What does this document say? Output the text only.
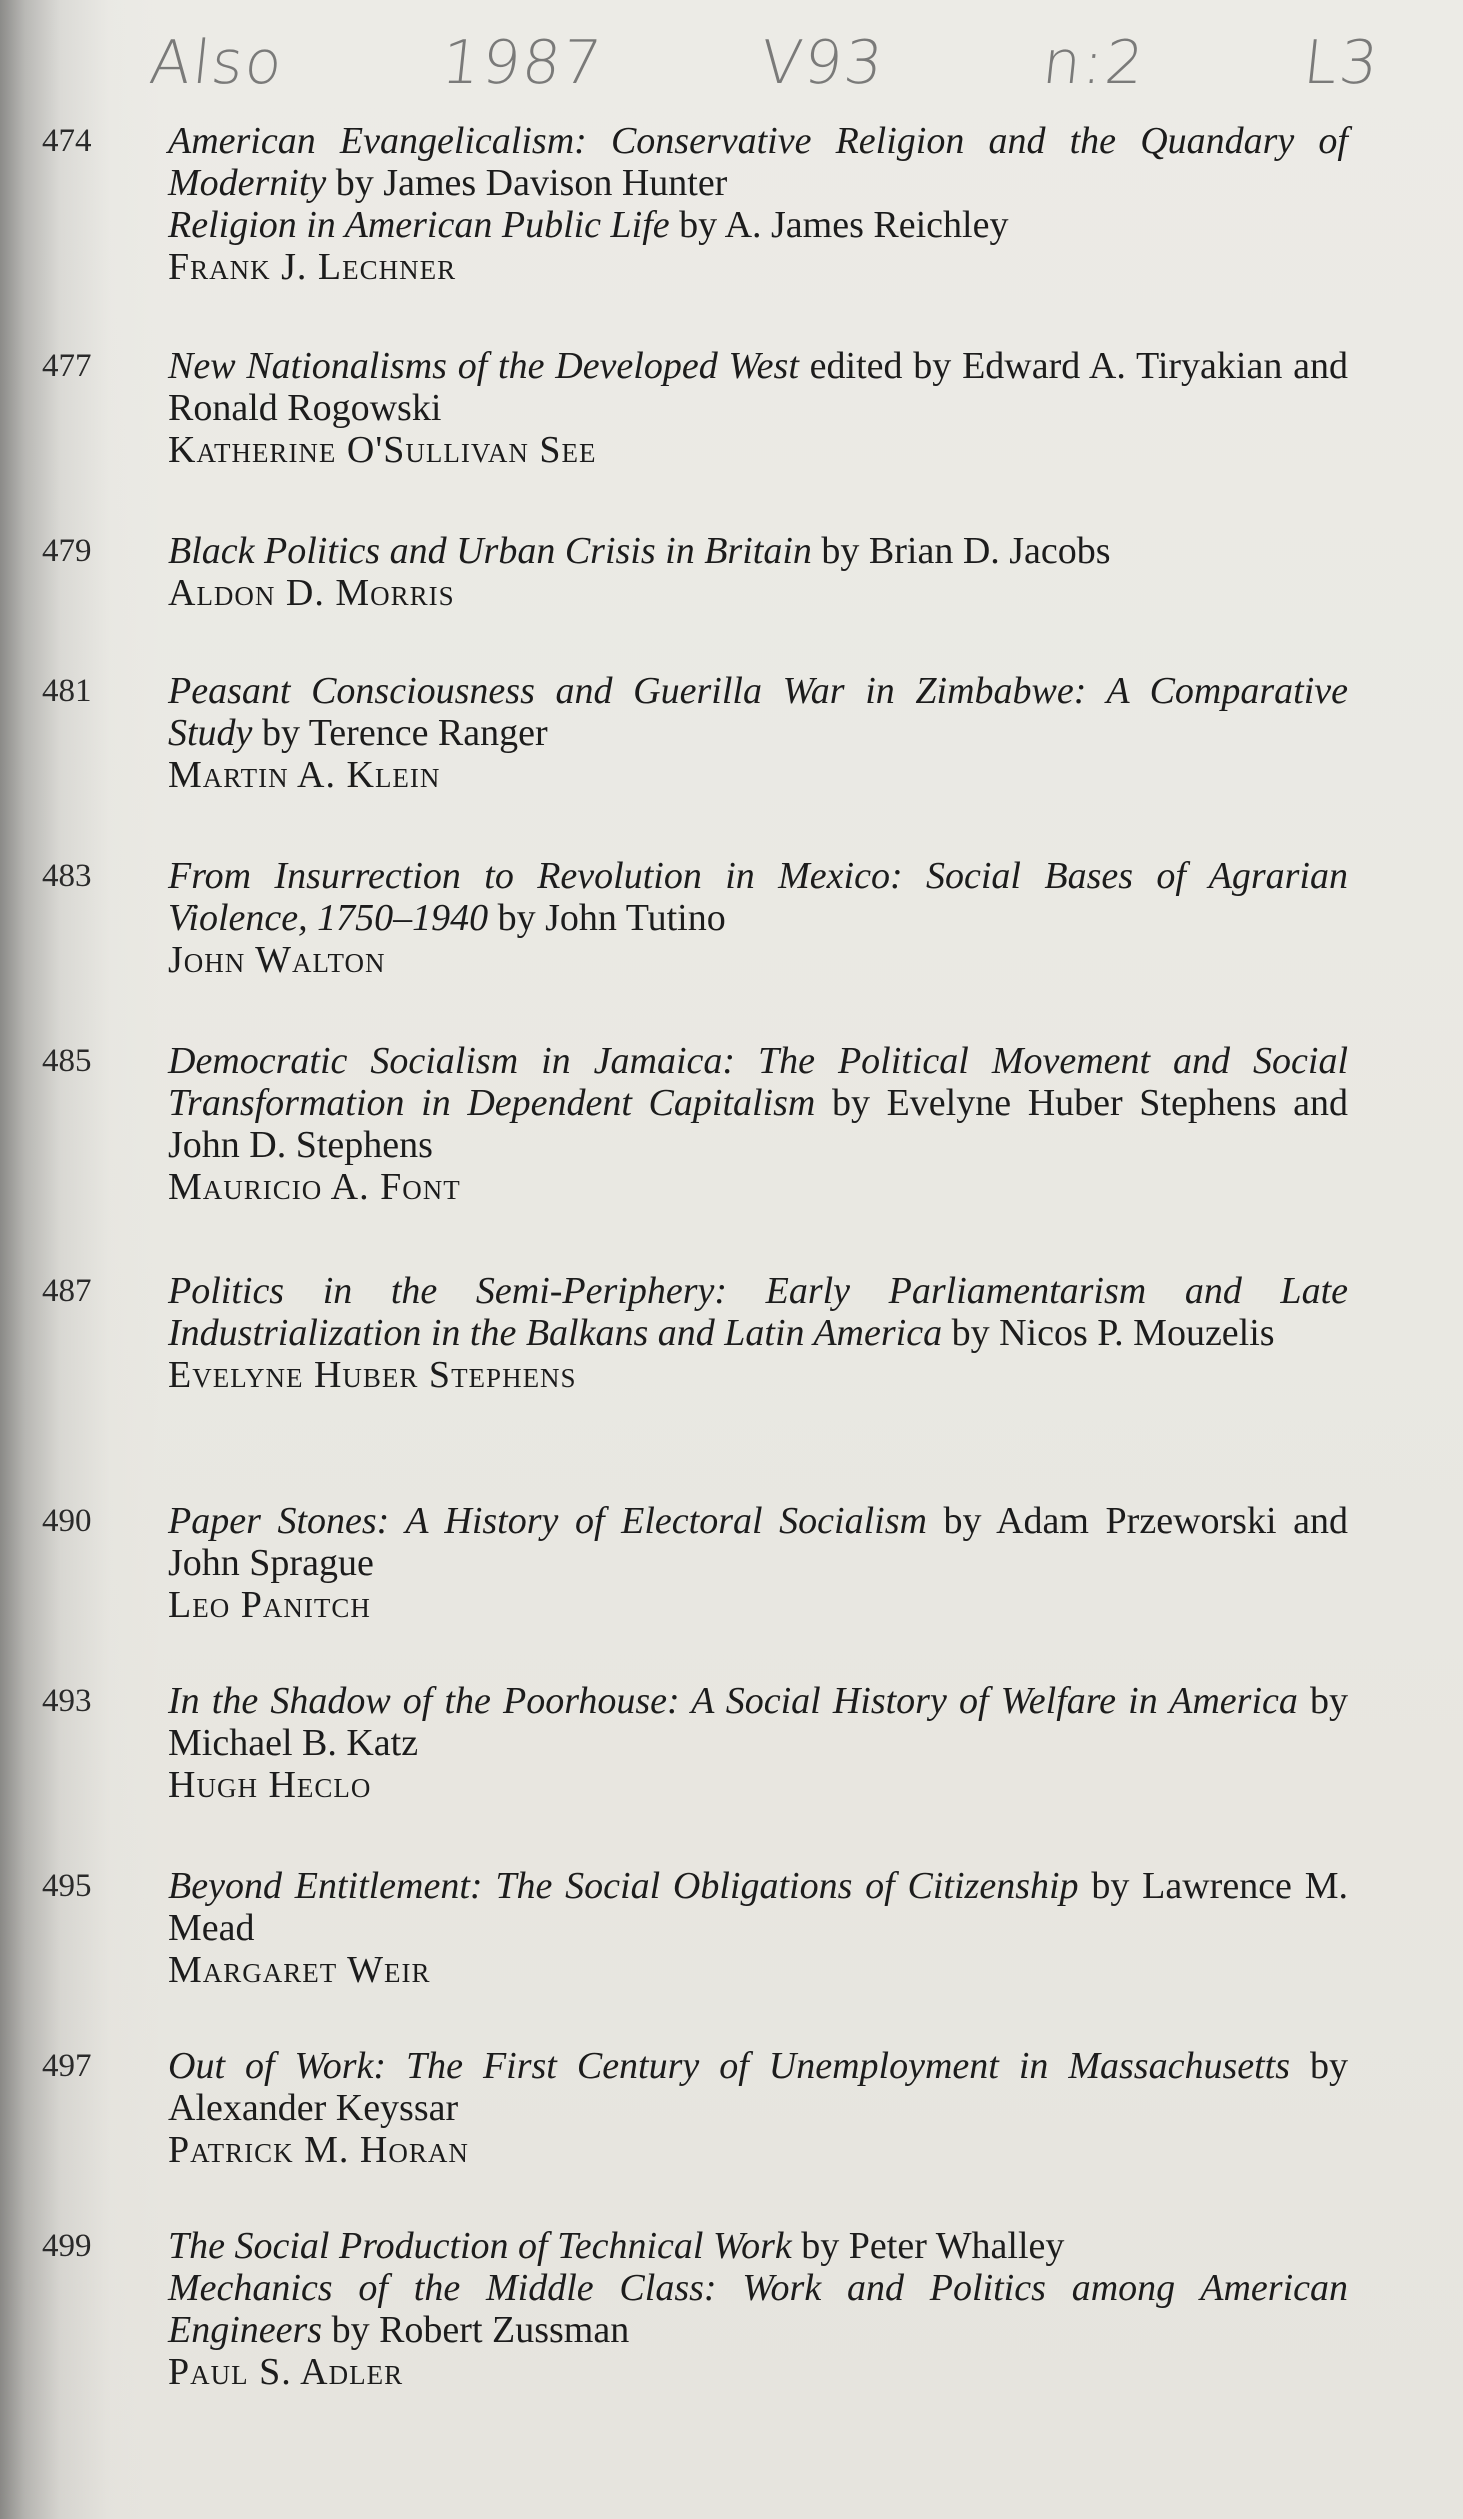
Also	1987	V93	n:2	L3
474	American Evangelicalism: Conservative Religion and the Quandary of Modernity by James Davison Hunter

Religion in American Public Life by A. James Reichley

Frank J. Lechner

477	New Nationalisms of the Developed West edited by Edward A. Tiryakian and Ronald Rogowski

Katherine O'Sullivan See

479	Black Politics and Urban Crisis in Britain by Brian D. Jacobs

Aldon D. Morris

481	Peasant Consciousness and Guerilla War in Zimbabwe: A Comparative Study by Terence Ranger

Martin A. Klein

483	From Insurrection to Revolution in Mexico: Social Bases of Agrarian Violence, 1750–1940 by John Tutino

John Walton

485	Democratic Socialism in Jamaica: The Political Movement and Social Transformation in Dependent Capitalism by Evelyne Huber Stephens and John D. Stephens

Mauricio A. Font

487	Politics in the Semi-Periphery: Early Parliamentarism and Late Industrialization in the Balkans and Latin America by Nicos P. Mouzelis

Evelyne Huber Stephens

490	Paper Stones: A History of Electoral Socialism by Adam Przeworski and John Sprague

Leo Panitch

493	In the Shadow of the Poorhouse: A Social History of Welfare in America by Michael B. Katz

Hugh Heclo

495	Beyond Entitlement: The Social Obligations of Citizenship by Lawrence M. Mead

Margaret Weir

497	Out of Work: The First Century of Unemployment in Massachusetts by Alexander Keyssar

Patrick M. Horan

499	The Social Production of Technical Work by Peter Whalley

Mechanics of the Middle Class: Work and Politics among American Engineers by Robert Zussman

Paul S. Adler
